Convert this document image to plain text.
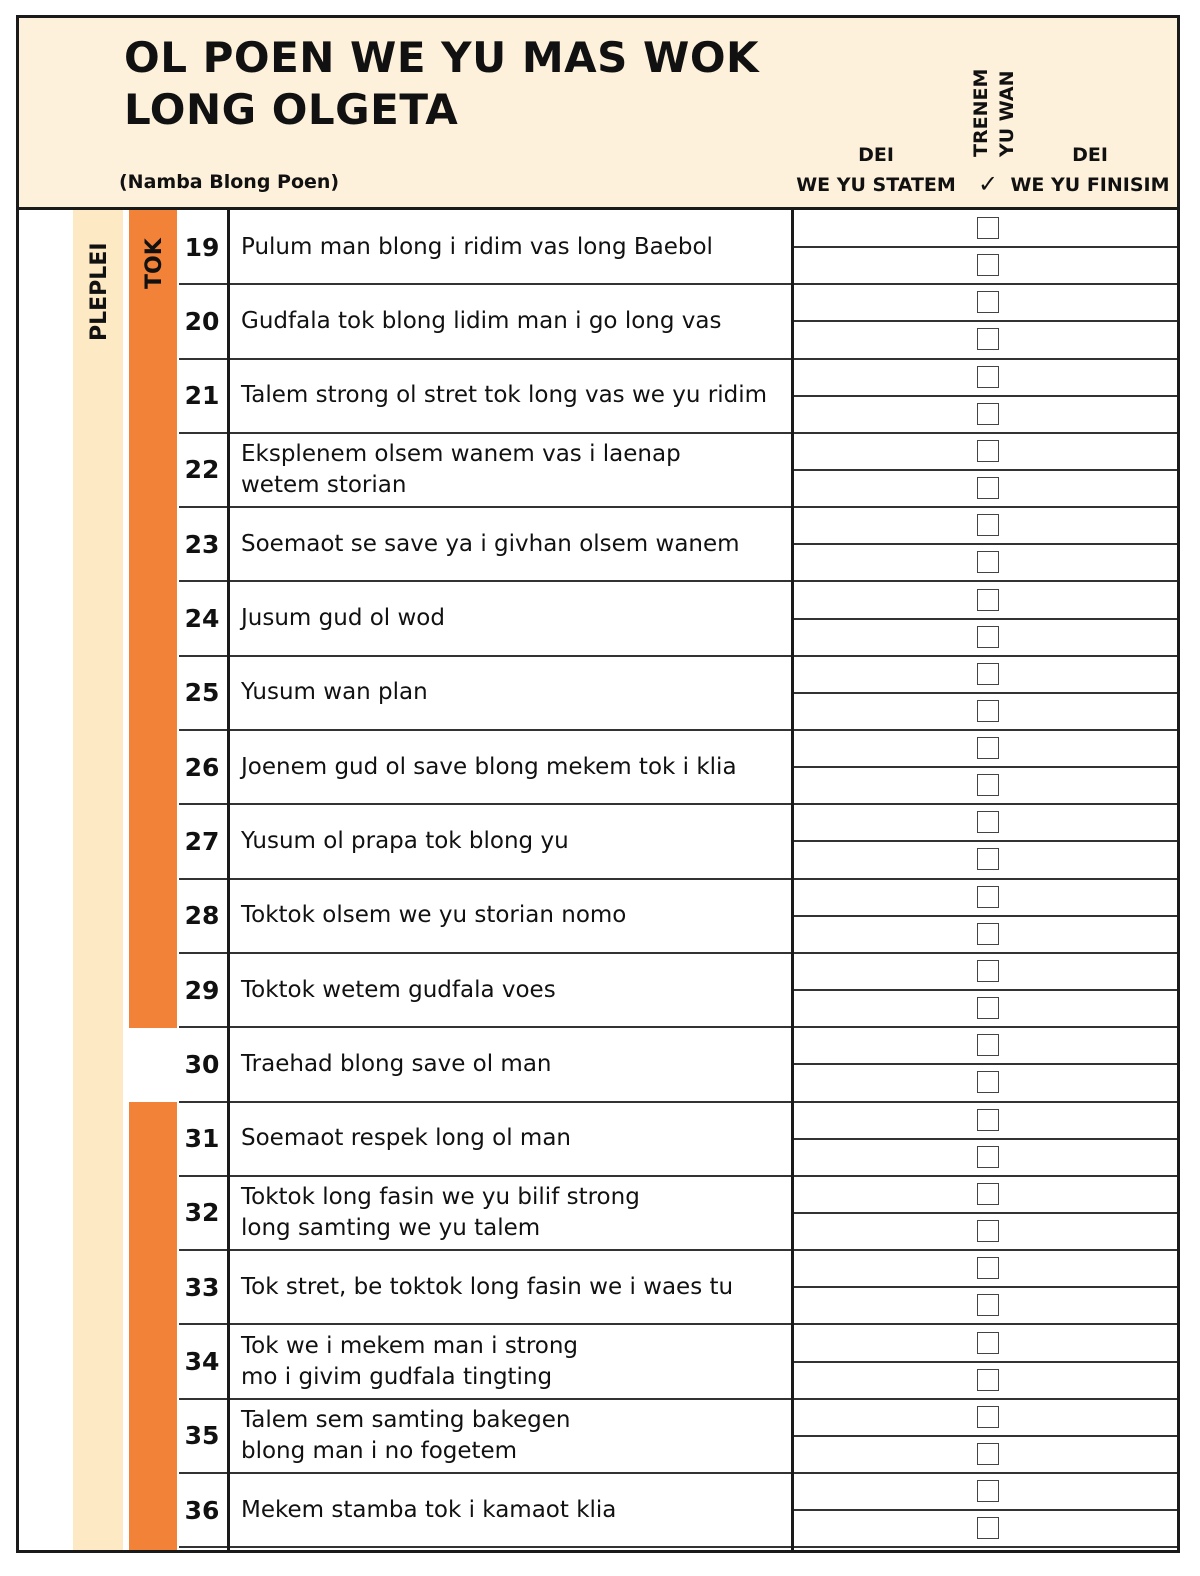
OL POEN WE YU MAS WOK
LONG OLGETA
(Namba Blong Poen)
DEI
WE YU STATEM
TRENEM YU WAN
✓
DEI
WE YU FINISIM
PLEPLEI TOK 19 Pulum man blong i ridim vas long Baebol
20 Gudfala tok blong lidim man i go long vas
21 Talem strong ol stret tok long vas we yu ridim
22
Eksplenem olsem wanem vas i laenap
wetem storian
23 Soemaot se save ya i givhan olsem wanem
24 Jusum gud ol wod
25 Yusum wan plan
26 Joenem gud ol save blong mekem tok i klia
27 Yusum ol prapa tok blong yu
28 Toktok olsem we yu storian nomo
29 Toktok wetem gudfala voes
30 Traehad blong save ol man
31 Soemaot respek long ol man
32
Toktok long fasin we yu bilif strong
long samting we yu talem
33 Tok stret, be toktok long fasin we i waes tu
34
Tok we i mekem man i strong
mo i givim gudfala tingting
35
Talem sem samting bakegen
blong man i no fogetem
36 Mekem stamba tok i kamaot klia
